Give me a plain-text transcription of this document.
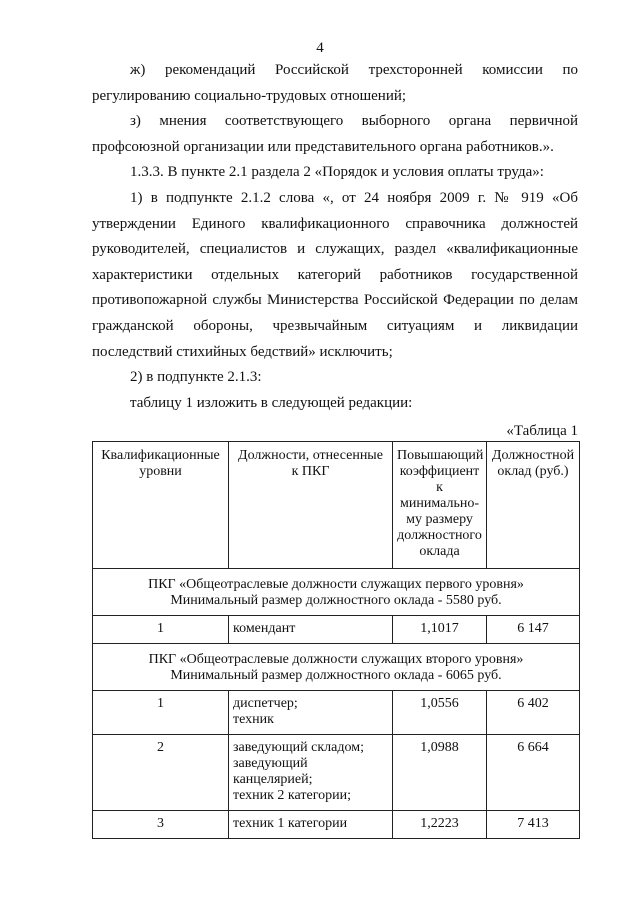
4

ж) рекомендаций Российской трехсторонней комиссии по регулированию социально-трудовых отношений;

з) мнения соответствующего выборного органа первичной профсоюзной организации или представительного органа работников.».

1.3.3. В пункте 2.1 раздела 2 «Порядок и условия оплаты труда»:

1) в подпункте 2.1.2 слова «, от 24 ноября 2009 г. № 919 «Об утверждении Единого квалификационного справочника должностей руководителей, специалистов и служащих, раздел «квалификационные характеристики отдельных категорий работников государственной противопожарной службы Министерства Российской Федерации по делам гражданской обороны, чрезвычайным ситуациям и ликвидации последствий стихийных бедствий» исключить;

2) в подпункте 2.1.3:

таблицу 1 изложить в следующей редакции:

«Таблица 1
Квалификационные уровни	Должности, отнесенные к ПКГ	Повышающий коэффициент к минимально-му размеру должностного оклада	Должностной оклад (руб.)

ПКГ «Общеотраслевые должности служащих первого уровня»
Минимальный размер должностного оклада - 5580 руб.			

1	комендант	1,1017	6 147

ПКГ «Общеотраслевые должности служащих второго уровня»
Минимальный размер должностного оклада - 6065 руб.			

1	диспетчер;
техник	1,0556	6 402
2	заведующий складом;
заведующий
канцелярией;
техник 2 категории;	1,0988	6 664
3	техник 1 категории	1,2223	7 413
